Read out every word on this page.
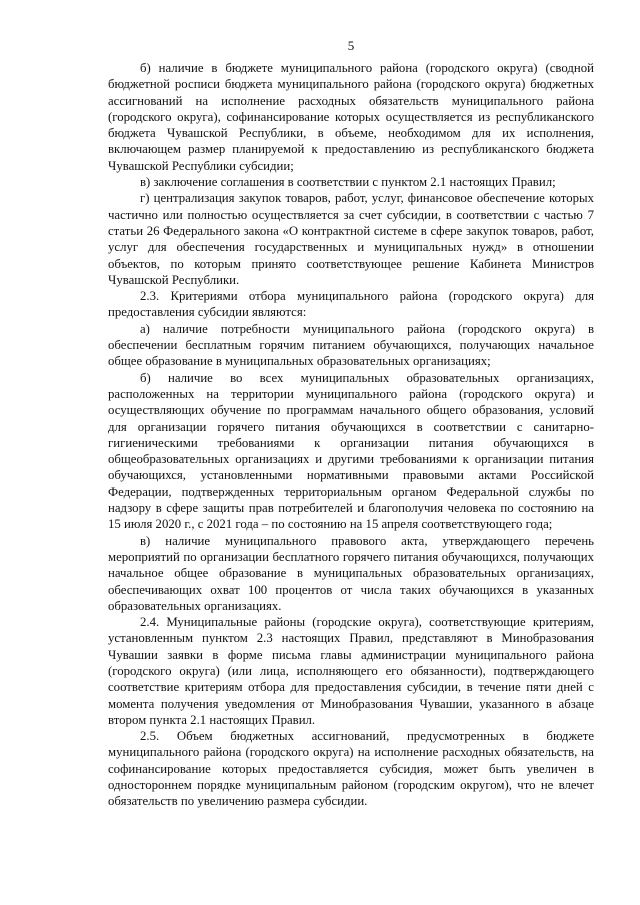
5

б) наличие в бюджете муниципального района (городского округа) (сводной бюджетной росписи бюджета муниципального района (городского округа) бюджетных ассигнований на исполнение расходных обязательств муниципального района (городского округа), софинансирование которых осуществляется из республиканского бюджета Чувашской Республики, в объеме, необходимом для их исполнения, включающем размер планируемой к предоставлению из республиканского бюджета Чувашской Республики субсидии;

в) заключение соглашения в соответствии с пунктом 2.1 настоящих Правил;

г) централизация закупок товаров, работ, услуг, финансовое обеспечение которых частично или полностью осуществляется за счет субсидии, в соответствии с частью 7 статьи 26 Федерального закона «О контрактной системе в сфере закупок товаров, работ, услуг для обеспечения государственных и муниципальных нужд» в отношении объектов, по которым принято соответствующее решение Кабинета Министров Чувашской Республики.

2.3. Критериями отбора муниципального района (городского округа) для предоставления субсидии являются:

а) наличие потребности муниципального района (городского округа) в обеспечении бесплатным горячим питанием обучающихся, получающих начальное общее образование в муниципальных образовательных организациях;

б) наличие во всех муниципальных образовательных организациях, расположенных на территории муниципального района (городского округа) и осуществляющих обучение по программам начального общего образования, условий для организации горячего питания обучающихся в соответствии с санитарно-гигиеническими требованиями к организации питания обучающихся в общеобразовательных организациях и другими требованиями к организации питания обучающихся, установленными нормативными правовыми актами Российской Федерации, подтвержденных территориальным органом Федеральной службы по надзору в сфере защиты прав потребителей и благополучия человека по состоянию на 15 июля 2020 г., с 2021 года – по состоянию на 15 апреля соответствующего года;

в) наличие муниципального правового акта, утверждающего перечень мероприятий по организации бесплатного горячего питания обучающихся, получающих начальное общее образование в муниципальных образовательных организациях, обеспечивающих охват 100 процентов от числа таких обучающихся в указанных образовательных организациях.

2.4. Муниципальные районы (городские округа), соответствующие критериям, установленным пунктом 2.3 настоящих Правил, представляют в Минобразования Чувашии заявки в форме письма главы администрации муниципального района (городского округа) (или лица, исполняющего его обязанности), подтверждающего соответствие критериям отбора для предоставления субсидии, в течение пяти дней с момента получения уведомления от Минобразования Чувашии, указанного в абзаце втором пункта 2.1 настоящих Правил.

2.5. Объем бюджетных ассигнований, предусмотренных в бюджете муниципального района (городского округа) на исполнение расходных обязательств, на софинансирование которых предоставляется субсидия, может быть увеличен в одностороннем порядке муниципальным районом (городским округом), что не влечет обязательств по увеличению размера субсидии.
